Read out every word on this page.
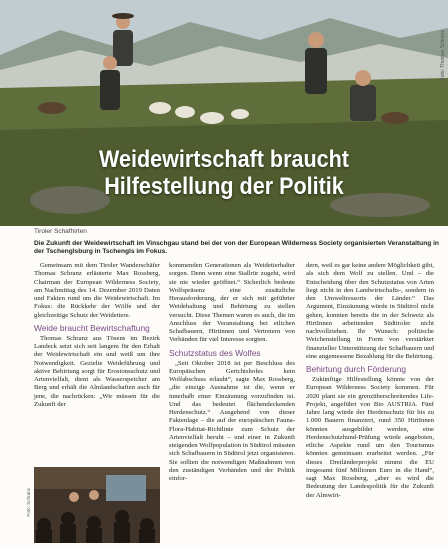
Weidewirtschaft braucht
Hilfestellung der Politik
Foto: Thomas Schranz
Tiroler Schafhirten

Die Zukunft der Weidewirtschaft im Vinschgau stand bei der von der European Wilderness Society organisierten Veranstaltung in der Tschenglsburg in Tschengls im Fokus.

Gemeinsam mit dem Tiroler Wanderschäfer Thomas Schranz erläuterte Max Rossberg, Chairman der European Wilderness Society, am Nachmittag des 14. Dezember 2019 Daten und Fakten rund um die Weidewirtschaft. Im Fokus: die Rückkehr der Wölfe und der gleichzeitige Schutz der Weidetiere.

Weide braucht Bewirtschaftung

Thomas Schranz aus Tösens im Bezirk Landeck setzt sich seit langem für den Erhalt der Weidewirtschaft ein und weiß um ihre Notwendigkeit. Gezielte Weideführung und aktive Behirtung sorgt für Erosionsschutz und Artenvielfalt, dient als Wasserspeicher am Berg und erhält die Almlandschaften auch für jene, die nachrücken: „Wir müssen für die Zukunft der

Foto: Schranz

kommenden Generationen als Weidetierhalter sorgen. Denn wenn eine Stallrür zugeht, wird sie nie wieder geöffnet.“ Sicherlich bedeute Wolfspräsenz eine zusätzliche Herausforderung, der er sich mit geführter Weidehaltung und Behirtung zu stellen versucht. Diese Themen waren es auch, die im Anschluss der Veranstaltung bei etlichen Schafbauern, Hirtinnen und Vertretern von Verbänden für viel Interesse sorgten.

Schutzstatus des Wolfes

„Seit Oktober 2018 ist per Beschluss des Europäischen Gerichtshofes kein Wolfabschuss erlaubt“, sagte Max Rossberg, „die einzige Ausnahme ist die, wenn er innerhalb einer Einzäunung vorzufinden ist. Und das bedeutet flächendeckenden Herdenschutz.“ Ausgehend von dieser Faktenlage – die auf der europäischen Fauna-Flora-Habitat-Richtlinie zum Schutz der Artenvielfalt beruht – und einer in Zukunft steigenden Wolfpopulation in Südtirol müssten sich Schafbauern in Südtirol jetzt organisieren. Sie sollten die notwendigen Maßnahmen von den zuständigen Verbänden und der Politik einfor-

dern, weil es gar keine andere Möglichkeit gibt, als sich dem Wolf zu stellen. Und – die Entscheidung über den Schutzstatus von Arten liegt nicht in den Landwirtschafts-, sondern in den Umweltressorts der Länder.“ Das Argument, Einzäunung würde in Südtirol nicht gehen, konnten bereits die in der Schweiz als HirtInnen arbeitenden Südtiroler nicht nachvollziehen. Ihr Wunsch: politische Weichenstellung in Form von verstärkter finanzieller Unterstützung der Schafbauern und eine angemessene Bezahlung für die Behirtung.

Behirtung durch Förderung

Zukünftige Hilfestellung könnte von der European Wilderness Society kommen. Für 2020 plant sie ein grenzüberschreitendes Life-Projekt, angeführt von Bio AUSTRIA. Fünf Jahre lang würde der Herdenschutz für bis zu 1.000 Bauern finanziert, rund 350 HirtInnen könnten ausgebildet werden, eine Herdenschutzhund-Prüfung würde angeboten, etliche Aspekte rund um den Tourismus könnten gemeinsam erarbeitet werden. „Für dieses Dreiländerprojekt nimmt die EU insgesamt fünf Millionen Euro in die Hand“, sagt Max Rossberg, „aber es wird die Bedeutung der Landespolitik für die Zukunft der Almwirt-
